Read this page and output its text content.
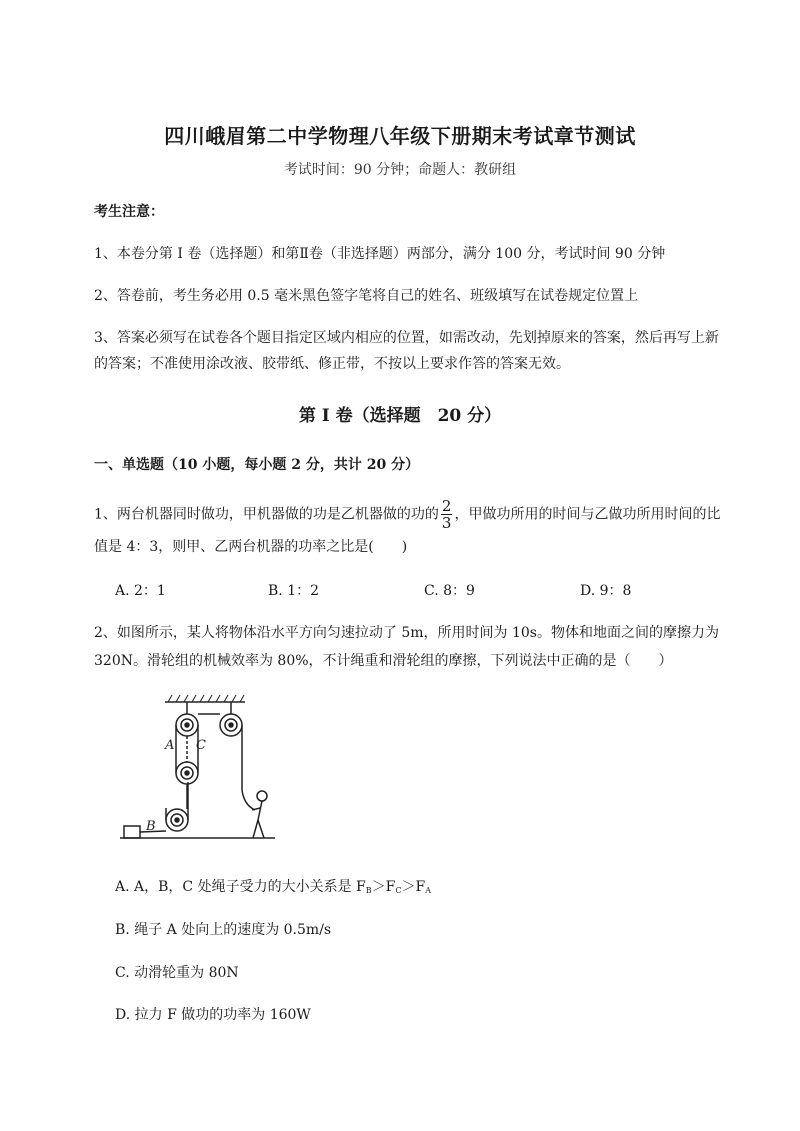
四川峨眉第二中学物理八年级下册期末考试章节测试
考试时间：90 分钟；命题人：教研组
考生注意：
1、本卷分第 I 卷（选择题）和第Ⅱ卷（非选择题）两部分，满分 100 分，考试时间 90 分钟
2、答卷前，考生务必用 0.5 毫米黑色签字笔将自己的姓名、班级填写在试卷规定位置上
3、答案必须写在试卷各个题目指定区域内相应的位置，如需改动，先划掉原来的答案，然后再写上新
的答案；不准使用涂改液、胶带纸、修正带，不按以上要求作答的答案无效。
第 I 卷（选择题　20 分）
一、单选题（10 小题，每小题 2 分，共计 20 分）
1、两台机器同时做功，甲机器做的功是乙机器做的功的 $\frac{2}{3}$ ，甲做功所用的时间与乙做功所用时间的比
值是 4：3，则甲、乙两台机器的功率之比是(　　)
A. 2：1	B. 1：2	C. 8：9	D. 9：8
2、如图所示，某人将物体沿水平方向匀速拉动了 5m，所用时间为 10s。物体和地面之间的摩擦力为
320N。滑轮组的机械效率为 80%，不计绳重和滑轮组的摩擦，下列说法中正确的是（　　）
A C
B
A. A，B，C 处绳子受力的大小关系是 $F_B>F_C>F_A$
B. 绳子 A 处向上的速度为 0.5m/s
C. 动滑轮重为 80N
D. 拉力 F 做功的功率为 160W
